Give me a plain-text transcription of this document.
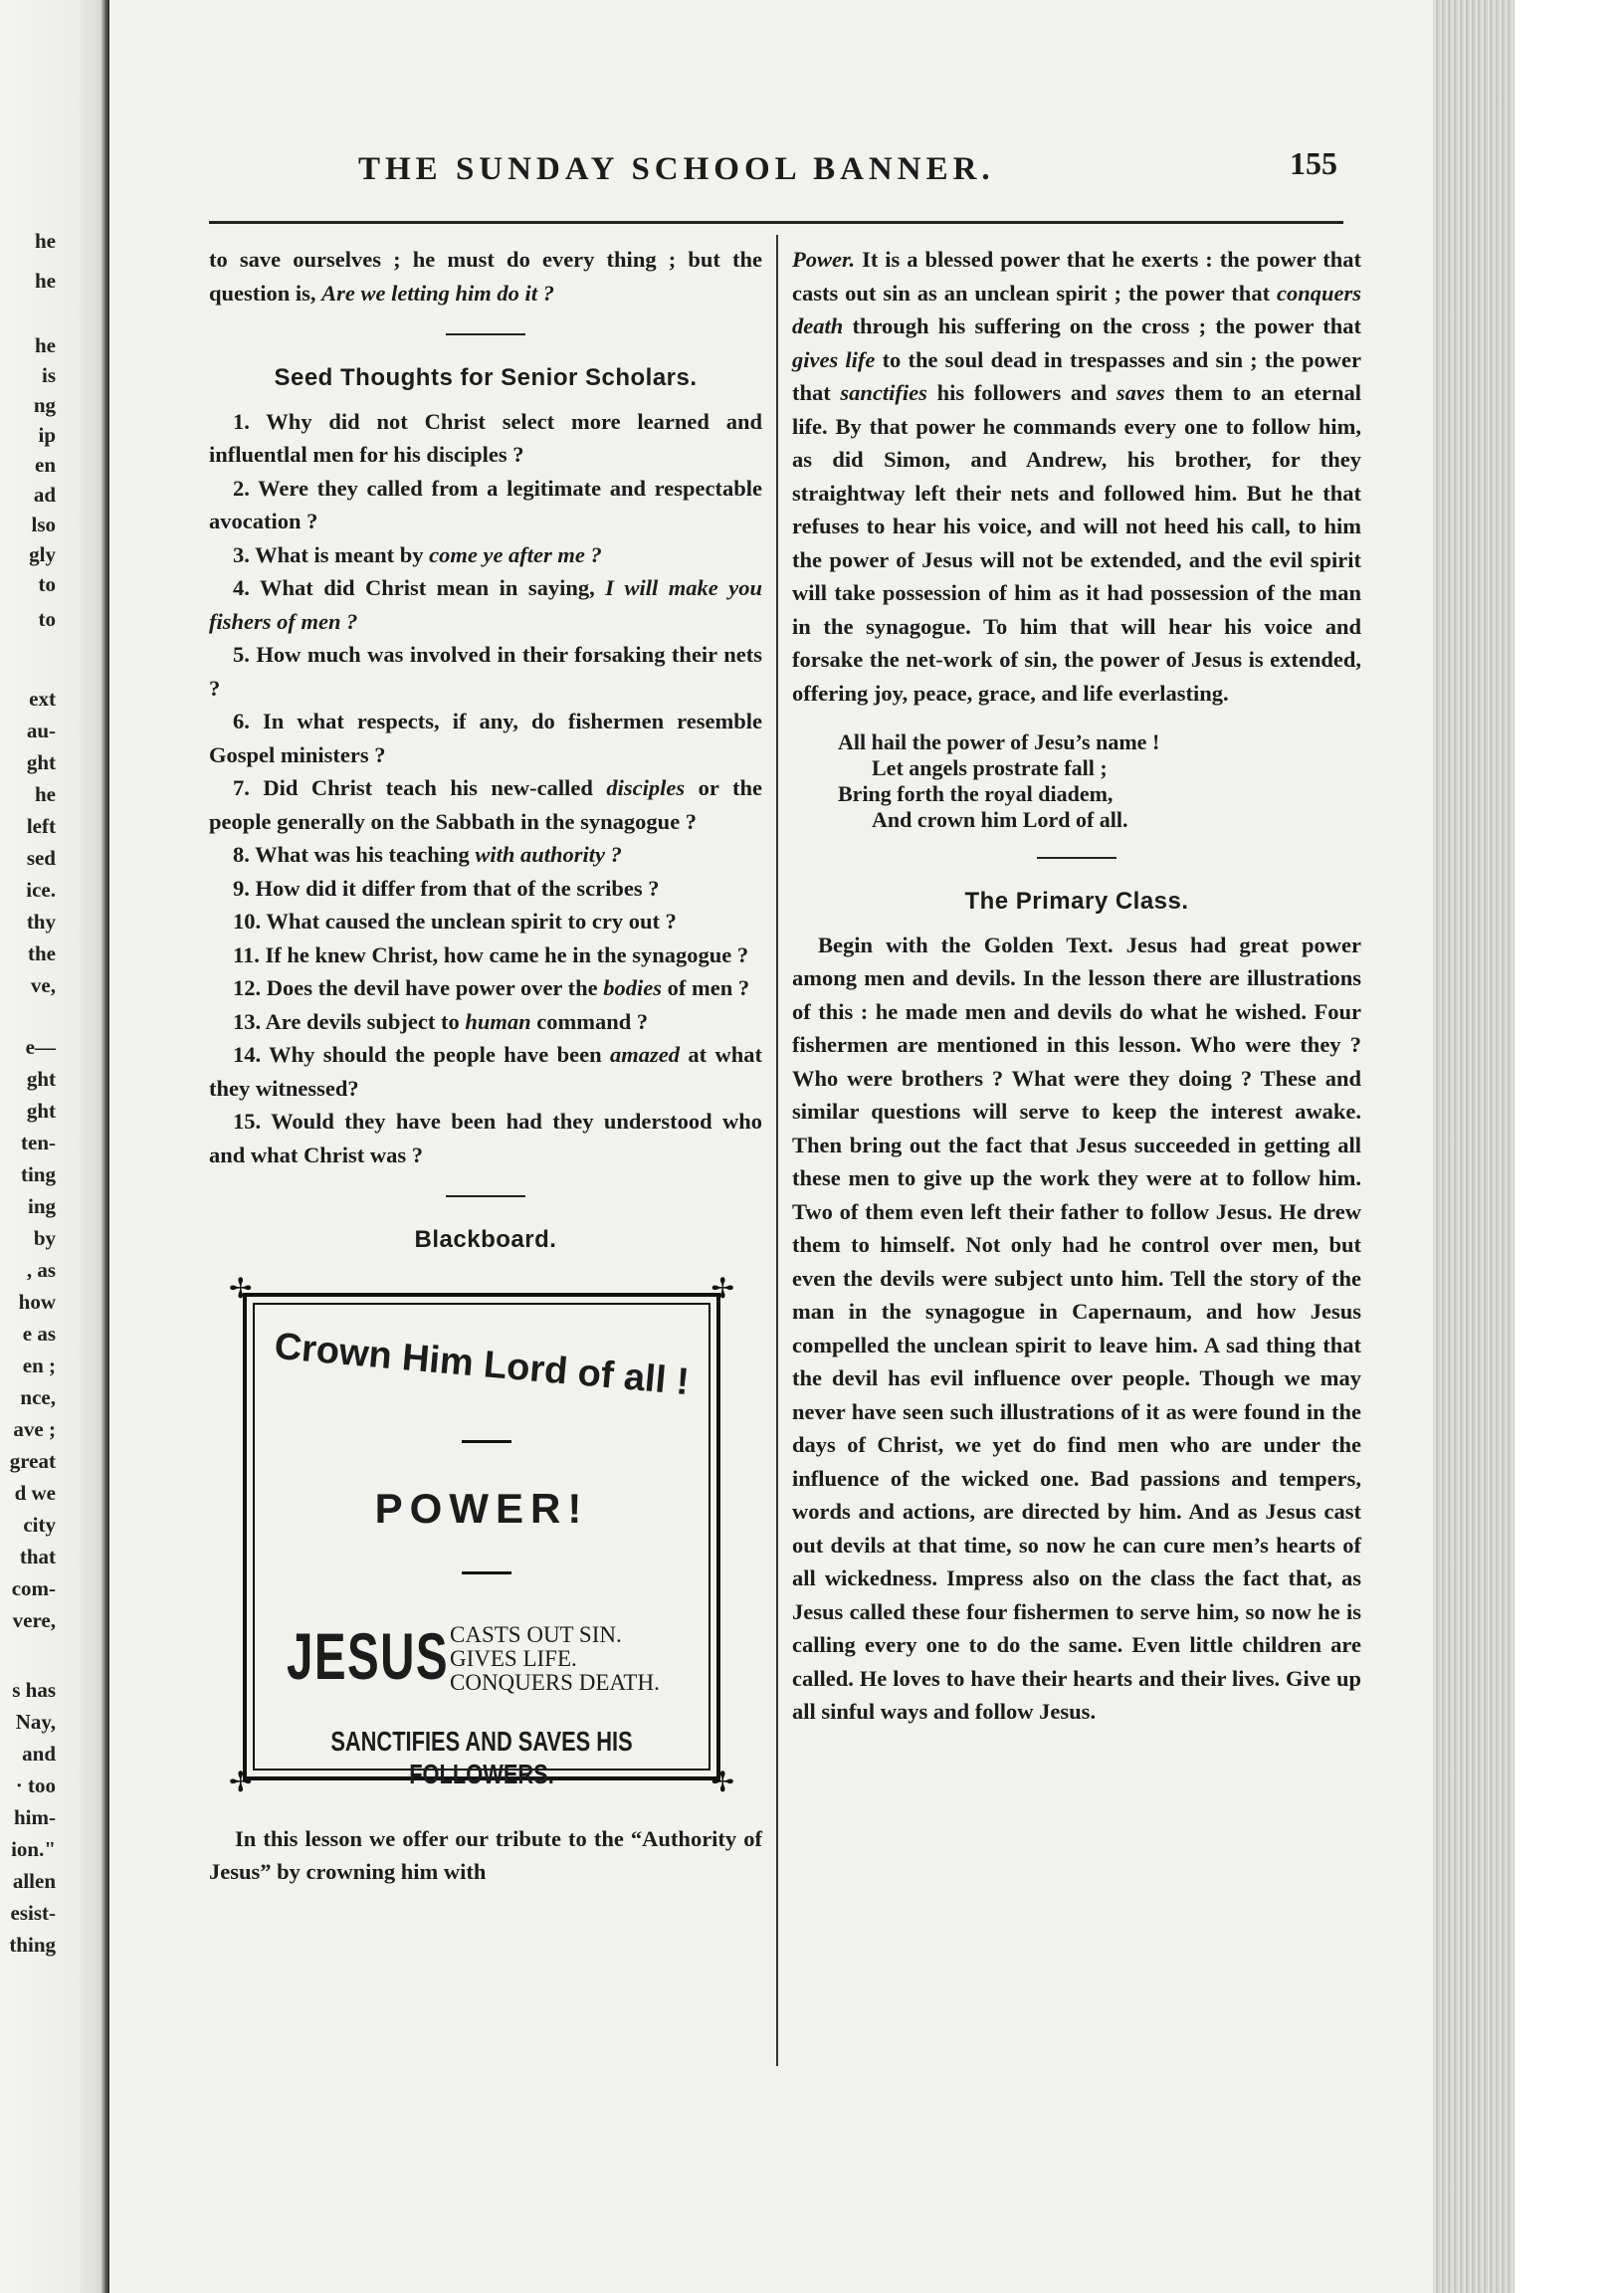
he
he
he
is
ng
ip
en
ad
lso
gly
to
to
ext
au-
ght
he
left
sed
ice.
thy
the
ve,
e—
ght
ght
ten-
ting
ing
by
, as
how
e as
en ;
nce,
ave ;
great
d we
city
that
com-
vere,
s has
Nay,
and
· too
him-
ion."
allen
esist-
thing
THE SUNDAY SCHOOL BANNER.	155

to save ourselves ; he must do every thing ; but the question is, Are we letting him do it ?

Seed Thoughts for Senior Scholars.

1. Why did not Christ select more learned and influentlal men for his disciples ?

2. Were they called from a legitimate and respectable avocation ?

3. What is meant by come ye after me ?

4. What did Christ mean in saying, I will make you fishers of men ?

5. How much was involved in their forsaking their nets ?

6. In what respects, if any, do fishermen resemble Gospel ministers ?

7. Did Christ teach his new-called disciples or the people generally on the Sabbath in the synagogue ?

8. What was his teaching with authority ?

9. How did it differ from that of the scribes ?

10. What caused the unclean spirit to cry out ?

11. If he knew Christ, how came he in the synagogue ?

12. Does the devil have power over the bodies of men ?

13. Are devils subject to human command ?

14. Why should the people have been amazed at what they witnessed?

15. Would they have been had they understood who and what Christ was ?

Blackboard.
✢	✢
✢	✢
Crown Him Lord of all !
POWER!
JESUS CASTS OUT SIN.
GIVES LIFE.
CONQUERS DEATH.
SANCTIFIES AND SAVES HIS FOLLOWERS.

In this lesson we offer our tribute to the “Authority of Jesus” by crowning him with

Power. It is a blessed power that he exerts : the power that casts out sin as an unclean spirit ; the power that conquers death through his suffering on the cross ; the power that gives life to the soul dead in trespasses and sin ; the power that sanctifies his followers and saves them to an eternal life. By that power he commands every one to follow him, as did Simon, and Andrew, his brother, for they straightway left their nets and followed him. But he that refuses to hear his voice, and will not heed his call, to him the power of Jesus will not be extended, and the evil spirit will take possession of him as it had possession of the man in the synagogue. To him that will hear his voice and forsake the net-work of sin, the power of Jesus is extended, offering joy, peace, grace, and life everlasting.

All hail the power of Jesu’s name !
Let angels prostrate fall ;
Bring forth the royal diadem,
And crown him Lord of all.
The Primary Class.

Begin with the Golden Text. Jesus had great power among men and devils. In the lesson there are illustrations of this : he made men and devils do what he wished. Four fishermen are mentioned in this lesson. Who were they ? Who were brothers ? What were they doing ? These and similar questions will serve to keep the interest awake. Then bring out the fact that Jesus succeeded in getting all these men to give up the work they were at to follow him. Two of them even left their father to follow Jesus. He drew them to himself. Not only had he control over men, but even the devils were subject unto him. Tell the story of the man in the synagogue in Capernaum, and how Jesus compelled the unclean spirit to leave him. A sad thing that the devil has evil influence over people. Though we may never have seen such illustrations of it as were found in the days of Christ, we yet do find men who are under the influence of the wicked one. Bad passions and tempers, words and actions, are directed by him. And as Jesus cast out devils at that time, so now he can cure men’s hearts of all wickedness. Impress also on the class the fact that, as Jesus called these four fishermen to serve him, so now he is calling every one to do the same. Even little children are called. He loves to have their hearts and their lives. Give up all sinful ways and follow Jesus.
